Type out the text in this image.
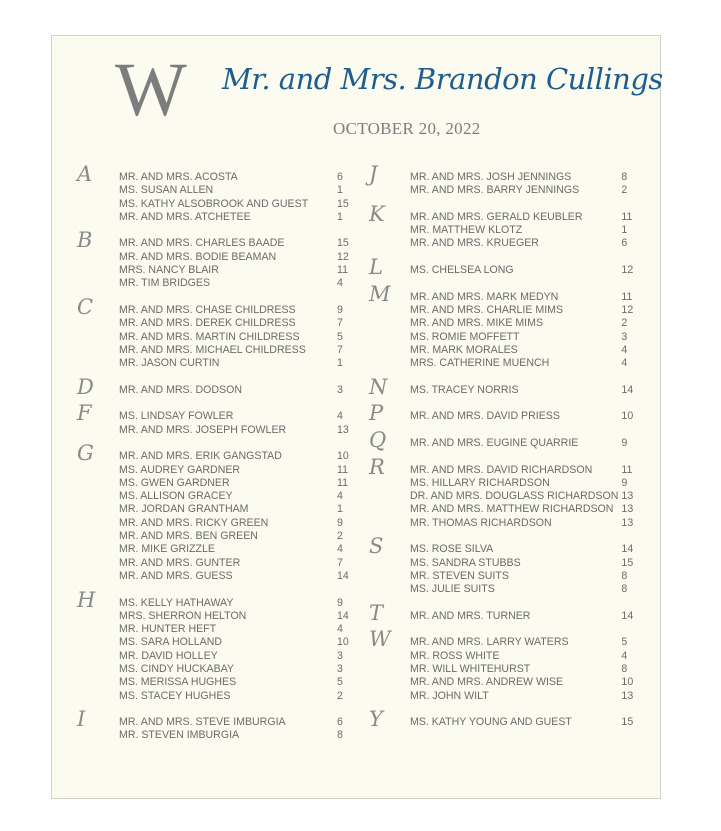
W Mr. and Mrs. Brandon Cullings
OCTOBER 20, 2022
A	MR. AND MRS. ACOSTA	6
MS. SUSAN ALLEN	1
MS. KATHY ALSOBROOK AND GUEST	15
MR. AND MRS. ATCHETEE	1
B	MR. AND MRS. CHARLES BAADE	15
MR. AND MRS. BODIE BEAMAN	12
MRS. NANCY BLAIR	11
MR. TIM BRIDGES	4
C	MR. AND MRS. CHASE CHILDRESS	9
MR. AND MRS. DEREK CHILDRESS	7
MR. AND MRS. MARTIN CHILDRESS	5
MR. AND MRS. MICHAEL CHILDRESS	7
MR. JASON CURTIN	1
D	MR. AND MRS. DODSON	3
F	MS. LINDSAY FOWLER	4
MR. AND MRS. JOSEPH FOWLER	13
G	MR. AND MRS. ERIK GANGSTAD	10
MS. AUDREY GARDNER	11
MS. GWEN GARDNER	11
MS. ALLISON GRACEY	4
MR. JORDAN GRANTHAM	1
MR. AND MRS. RICKY GREEN	9
MR. AND MRS. BEN GREEN	2
MR. MIKE GRIZZLE	4
MR. AND MRS. GUNTER	7
MR. AND MRS. GUESS	14
H	MS. KELLY HATHAWAY	9
MRS. SHERRON HELTON	14
MR. HUNTER HEFT	4
MS. SARA HOLLAND	10
MR. DAVID HOLLEY	3
MS. CINDY HUCKABAY	3
MS. MERISSA HUGHES	5
MS. STACEY HUGHES	2
I	MR. AND MRS. STEVE IMBURGIA	6
MR. STEVEN IMBURGIA	8
J	MR. AND MRS. JOSH JENNINGS	8
MR. AND MRS. BARRY JENNINGS	2
K	MR. AND MRS. GERALD KEUBLER	11
MR. MATTHEW KLOTZ	1
MR. AND MRS. KRUEGER	6
L	MS. CHELSEA LONG	12
M	MR. AND MRS. MARK MEDYN	11
MR. AND MRS. CHARLIE MIMS	12
MR. AND MRS. MIKE MIMS	2
MS. ROMIE MOFFETT	3
MR. MARK MORALES	4
MRS. CATHERINE MUENCH	4
N	MS. TRACEY NORRIS	14
P	MR. AND MRS. DAVID PRIESS	10
Q	MR. AND MRS. EUGINE QUARRIE	9
R	MR. AND MRS. DAVID RICHARDSON	11
MS. HILLARY RICHARDSON	9
DR. AND MRS. DOUGLASS RICHARDSON 13
MR. AND MRS. MATTHEW RICHARDSON 13
MR. THOMAS RICHARDSON	13
S	MS. ROSE SILVA	14
MS. SANDRA STUBBS	15
MR. STEVEN SUITS	8
MS. JULIE SUITS	8
T	MR. AND MRS. TURNER	14
W	MR. AND MRS. LARRY WATERS	5
MR. ROSS WHITE	4
MR. WILL WHITEHURST	8
MR. AND MRS. ANDREW WISE	10
MR. JOHN WILT	13
Y	MS. KATHY YOUNG AND GUEST	15
